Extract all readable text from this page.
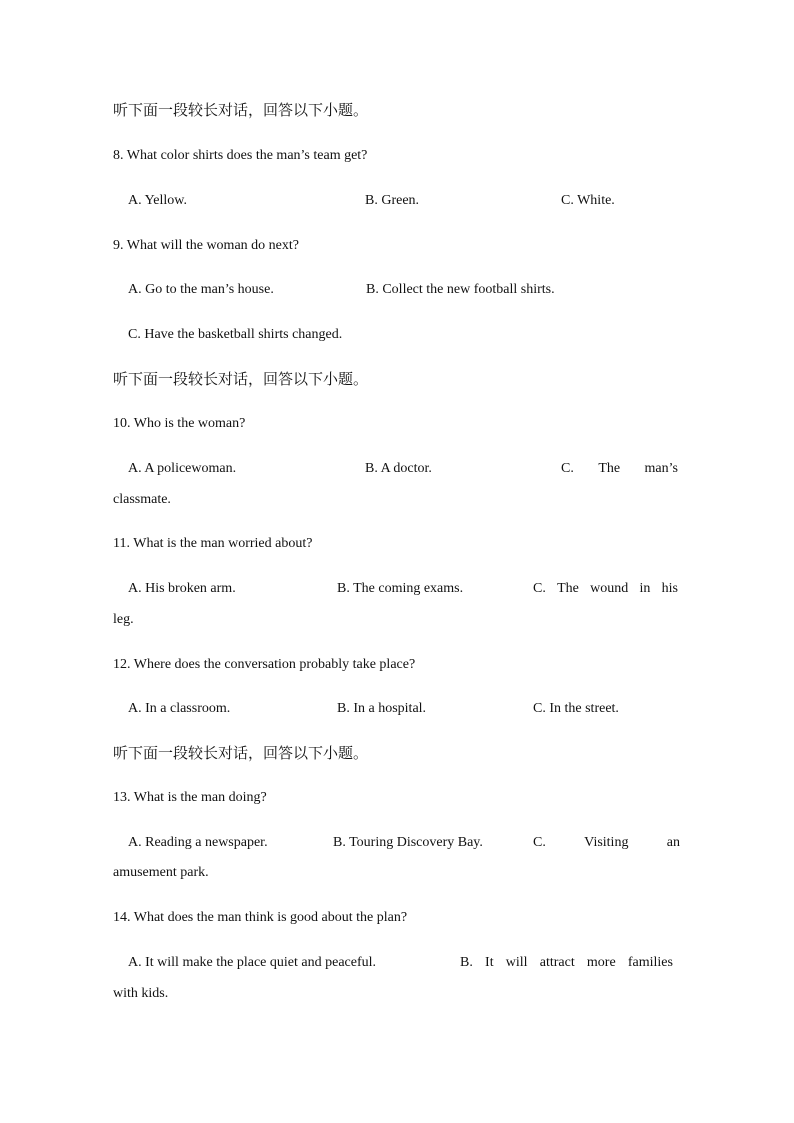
听下面一段较长对话，回答以下小题。
8. What color shirts does the man’s team get?
A. Yellow.	B. Green.	C. White.
9. What will the woman do next?
A. Go to the man’s house.	B. Collect the new football shirts.
C. Have the basketball shirts changed.
听下面一段较长对话，回答以下小题。
10. Who is the woman?
A. A policewoman.	B. A doctor.	C. The man’s
classmate.
11. What is the man worried about?
A. His broken arm.	B. The coming exams.	C. The wound in his
leg.
12. Where does the conversation probably take place?
A. In a classroom.	B. In a hospital.	C. In the street.
听下面一段较长对话，回答以下小题。
13. What is the man doing?
A. Reading a newspaper.	B. Touring Discovery Bay.	C.	Visiting	an
amusement park.
14. What does the man think is good about the plan?
A. It will make the place quiet and peaceful.	B. It will attract more families
with kids.
